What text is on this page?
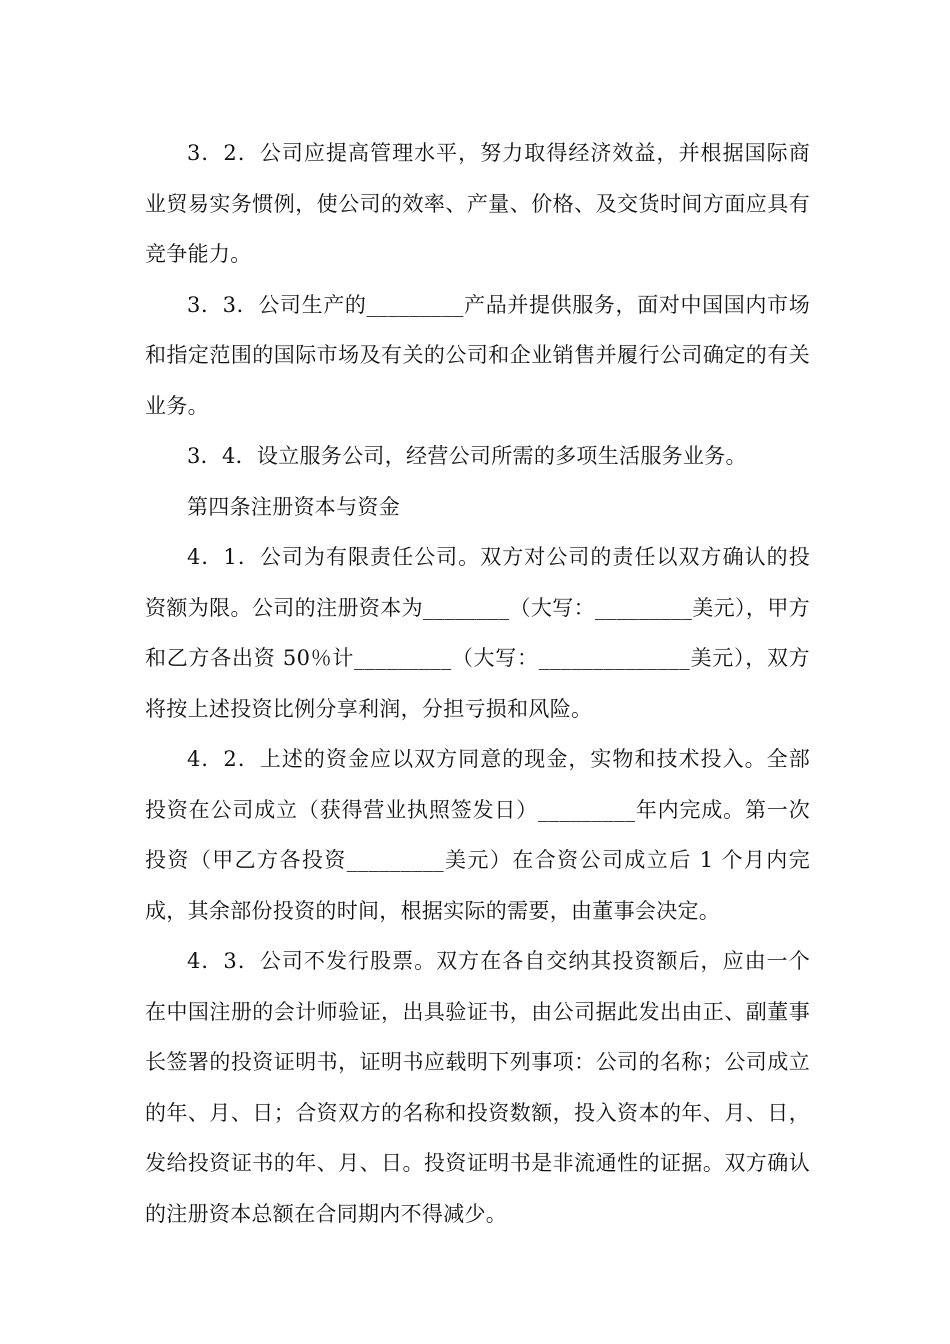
3．2．公司应提高管理水平，努力取得经济效益，并根据国际商业贸易实务惯例，使公司的效率、产量、价格、及交货时间方面应具有竞争能力。

3．3．公司生产的_________产品并提供服务，面对中国国内市场和指定范围的国际市场及有关的公司和企业销售并履行公司确定的有关业务。

3．4．设立服务公司，经营公司所需的多项生活服务业务。

第四条注册资本与资金

4．1．公司为有限责任公司。双方对公司的责任以双方确认的投资额为限。公司的注册资本为________（大写：_________美元），甲方和乙方各出资 50％计_________（大写：______________美元），双方将按上述投资比例分享利润，分担亏损和风险。

4．2．上述的资金应以双方同意的现金，实物和技术投入。全部投资在公司成立（获得营业执照签发日）_________年内完成。第一次投资（甲乙方各投资_________美元）在合资公司成立后 1 个月内完成，其余部份投资的时间，根据实际的需要，由董事会决定。

4．3．公司不发行股票。双方在各自交纳其投资额后，应由一个在中国注册的会计师验证，出具验证书，由公司据此发出由正、副董事长签署的投资证明书，证明书应载明下列事项：公司的名称；公司成立的年、月、日；合资双方的名称和投资数额，投入资本的年、月、日，发给投资证书的年、月、日。投资证明书是非流通性的证据。双方确认的注册资本总额在合同期内不得减少。
